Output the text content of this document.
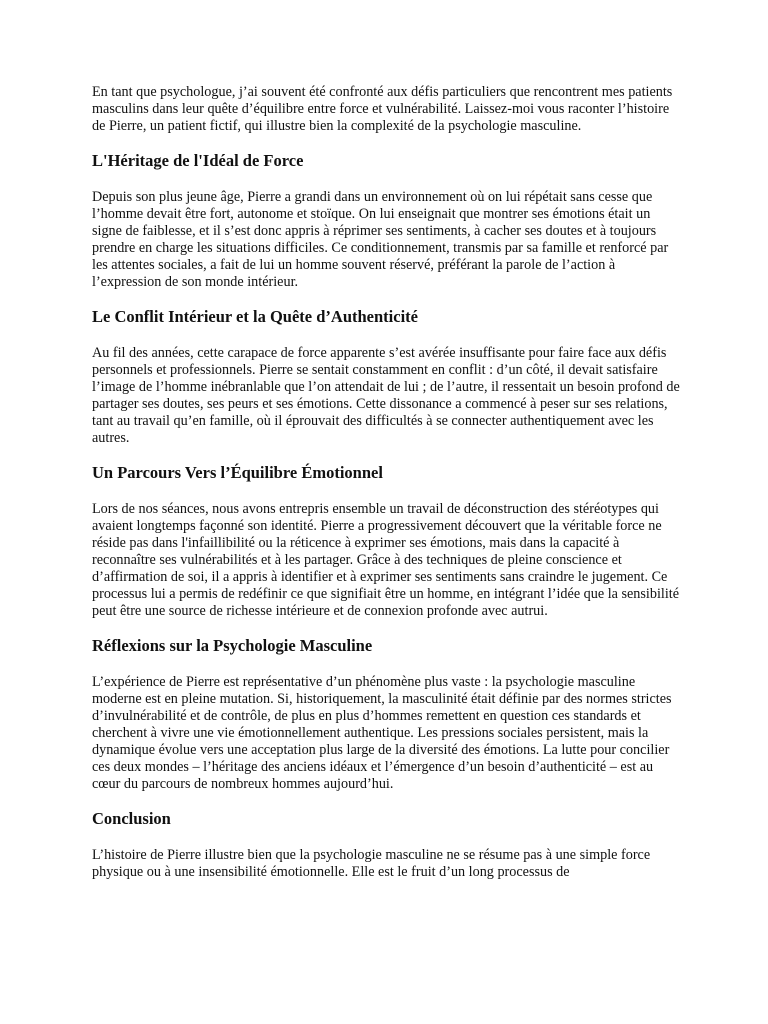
En tant que psychologue, j’ai souvent été confronté aux défis particuliers que rencontrent mes patients masculins dans leur quête d’équilibre entre force et vulnérabilité. Laissez-moi vous raconter l’histoire de Pierre, un patient fictif, qui illustre bien la complexité de la psychologie masculine.

L'Héritage de l'Idéal de Force

Depuis son plus jeune âge, Pierre a grandi dans un environnement où on lui répétait sans cesse que l’homme devait être fort, autonome et stoïque. On lui enseignait que montrer ses émotions était un signe de faiblesse, et il s’est donc appris à réprimer ses sentiments, à cacher ses doutes et à toujours prendre en charge les situations difficiles. Ce conditionnement, transmis par sa famille et renforcé par les attentes sociales, a fait de lui un homme souvent réservé, préférant la parole de l’action à l’expression de son monde intérieur.

Le Conflit Intérieur et la Quête d’Authenticité

Au fil des années, cette carapace de force apparente s’est avérée insuffisante pour faire face aux défis personnels et professionnels. Pierre se sentait constamment en conflit : d’un côté, il devait satisfaire l’image de l’homme inébranlable que l’on attendait de lui ; de l’autre, il ressentait un besoin profond de partager ses doutes, ses peurs et ses émotions. Cette dissonance a commencé à peser sur ses relations, tant au travail qu’en famille, où il éprouvait des difficultés à se connecter authentiquement avec les autres.

Un Parcours Vers l’Équilibre Émotionnel

Lors de nos séances, nous avons entrepris ensemble un travail de déconstruction des stéréotypes qui avaient longtemps façonné son identité. Pierre a progressivement découvert que la véritable force ne réside pas dans l'infaillibilité ou la réticence à exprimer ses émotions, mais dans la capacité à reconnaître ses vulnérabilités et à les partager. Grâce à des techniques de pleine conscience et d’affirmation de soi, il a appris à identifier et à exprimer ses sentiments sans craindre le jugement. Ce processus lui a permis de redéfinir ce que signifiait être un homme, en intégrant l’idée que la sensibilité peut être une source de richesse intérieure et de connexion profonde avec autrui.

Réflexions sur la Psychologie Masculine

L’expérience de Pierre est représentative d’un phénomène plus vaste : la psychologie masculine moderne est en pleine mutation. Si, historiquement, la masculinité était définie par des normes strictes d’invulnérabilité et de contrôle, de plus en plus d’hommes remettent en question ces standards et cherchent à vivre une vie émotionnellement authentique. Les pressions sociales persistent, mais la dynamique évolue vers une acceptation plus large de la diversité des émotions. La lutte pour concilier ces deux mondes – l’héritage des anciens idéaux et l’émergence d’un besoin d’authenticité – est au cœur du parcours de nombreux hommes aujourd’hui.

Conclusion

L’histoire de Pierre illustre bien que la psychologie masculine ne se résume pas à une simple force physique ou à une insensibilité émotionnelle. Elle est le fruit d’un long processus de
